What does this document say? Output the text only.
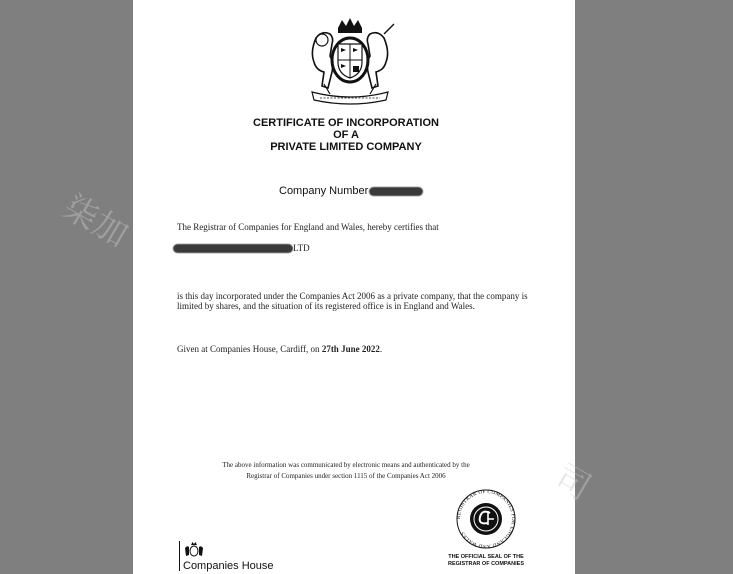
CERTIFICATE OF INCORPORATION
OF A
PRIVATE LIMITED COMPANY
Company Number
The Registrar of Companies for England and Wales, hereby certifies that
LTD
is this day incorporated under the Companies Act 2006 as a private company, that the company is limited by shares, and the situation of its registered office is in England and Wales.
Given at Companies House, Cardiff, on 27th June 2022.
The above information was communicated by electronic means and authenticated by the
Registrar of Companies under section 1115 of the Companies Act 2006
Companies House
REGISTRAR OF COMPANIES FOR ENGLAND AND WALES
THE OFFICIAL SEAL OF THE
REGISTRAR OF COMPANIES
柒加
司
